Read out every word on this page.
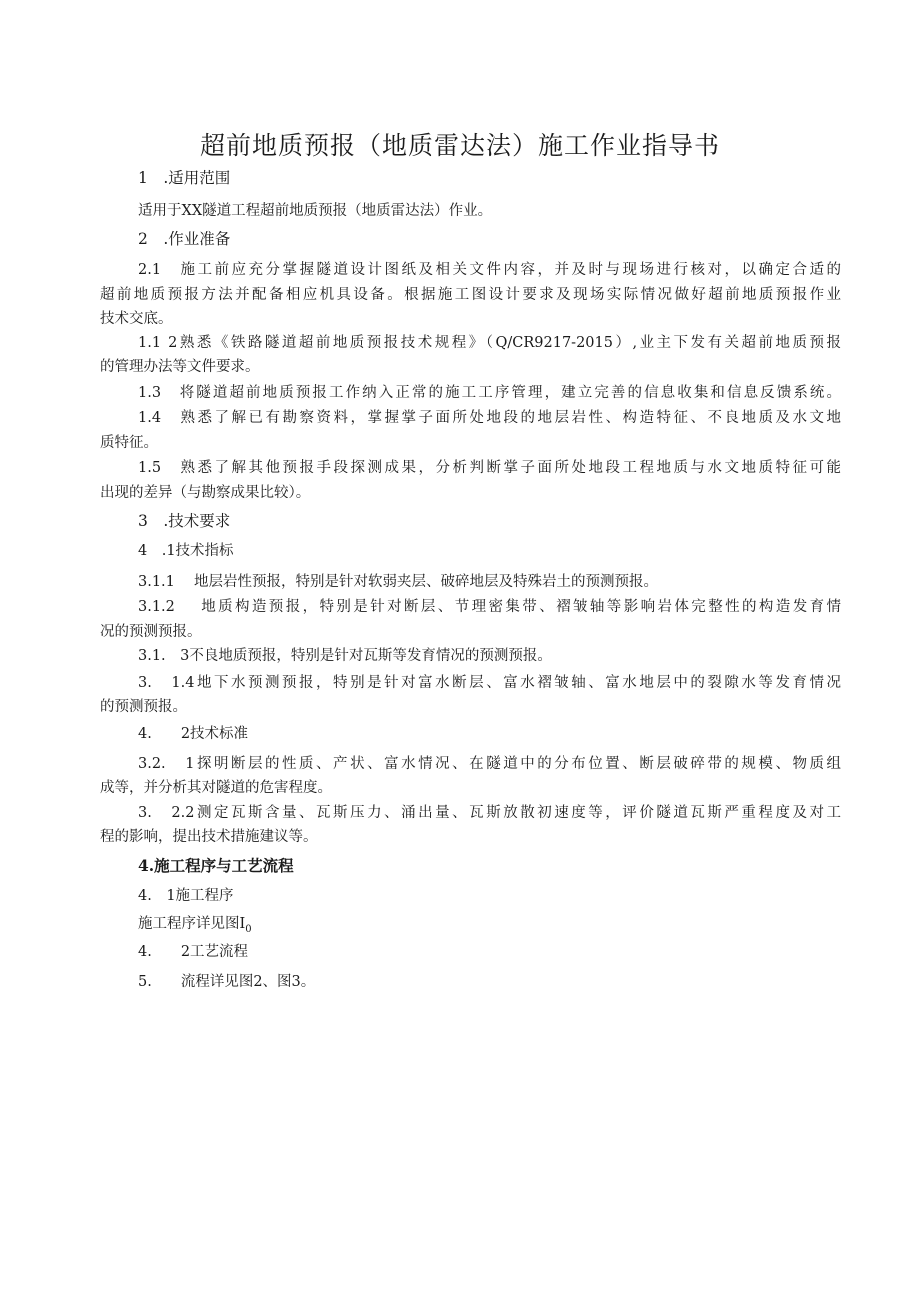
超前地质预报（地质雷达法）施工作业指导书
1　.适用范围
适用于XX隧道工程超前地质预报（地质雷达法）作业。
2　.作业准备
2.1　施工前应充分掌握隧道设计图纸及相关文件内容，并及时与现场进行核对，以确定合适的
超前地质预报方法并配备相应机具设备。根据施工图设计要求及现场实际情况做好超前地质预报作业
技术交底。
1.1 2熟悉《铁路隧道超前地质预报技术规程》（Q/CR9217-2015）,业主下发有关超前地质预报
的管理办法等文件要求。
1.3　将隧道超前地质预报工作纳入正常的施工工序管理，建立完善的信息收集和信息反馈系统。
1.4　熟悉了解已有勘察资料，掌握掌子面所处地段的地层岩性、构造特征、不良地质及水文地
质特征。
1.5　熟悉了解其他预报手段探测成果，分析判断掌子面所处地段工程地质与水文地质特征可能
出现的差异（与勘察成果比较）。
3　.技术要求
4　.1技术指标
3.1.1　 地层岩性预报，特别是针对软弱夹层、破碎地层及特殊岩土的预测预报。
3.1.2　 地质构造预报，特别是针对断层、节理密集带、褶皱轴等影响岩体完整性的构造发育情
况的预测预报。
3.1.　3不良地质预报，特别是针对瓦斯等发育情况的预测预报。
3.　1.4地下水预测预报，特别是针对富水断层、富水褶皱轴、富水地层中的裂隙水等发育情况
的预测预报。
4.　　2技术标准
3.2.　1探明断层的性质、产状、富水情况、在隧道中的分布位置、断层破碎带的规模、物质组
成等，并分析其对隧道的危害程度。
3.　2.2测定瓦斯含量、瓦斯压力、涌出量、瓦斯放散初速度等，评价隧道瓦斯严重程度及对工
程的影响，提出技术措施建议等。
4.施工程序与工艺流程
4.　1施工程序
施工程序详见图$I_0$
4.　　2工艺流程
5.　　流程详见图2、图3。
